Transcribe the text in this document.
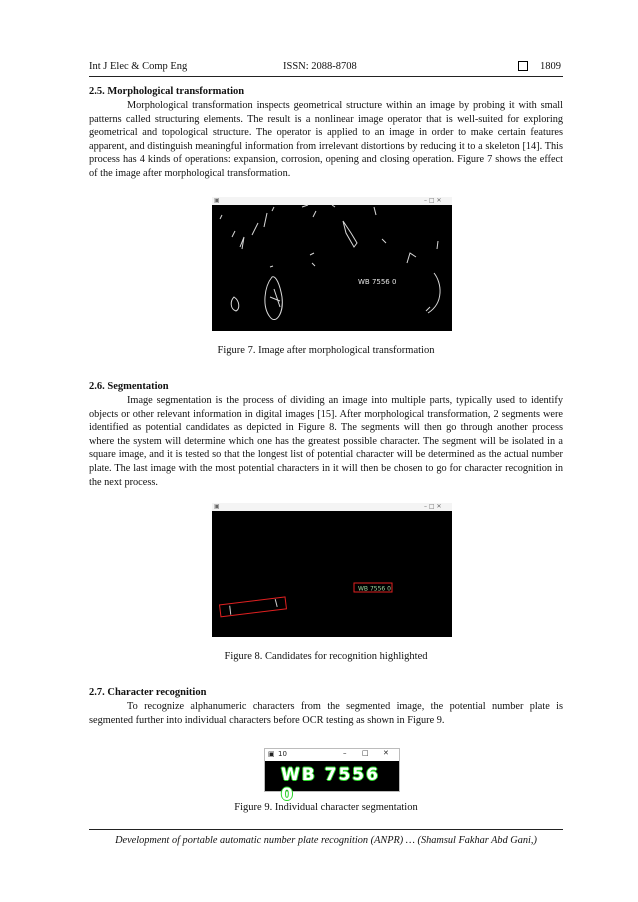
Int J Elec & Comp Eng	ISSN: 2088-8708	1809
2.5. Morphological transformation

Morphological transformation inspects geometrical structure within an image by probing it with small patterns called structuring elements. The result is a nonlinear image operator that is well-suited for exploring geometrical and topological structure. The operator is applied to an image in order to make certain features apparent, and distinguish meaningful information from irrelevant distortions by reducing it to a skeleton [14]. This process has 4 kinds of operations: expansion, corrosion, opening and closing operation. Figure 7 shows the effect of the image after morphological transformation.

▣	– □ ✕
WB 7556 0
Figure 7. Image after morphological transformation
2.6. Segmentation

Image segmentation is the process of dividing an image into multiple parts, typically used to identify objects or other relevant information in digital images [15]. After morphological transformation, 2 segments were identified as potential candidates as depicted in Figure 8. The segments will then go through another process where the system will determine which one has the greatest possible character. The segment will be isolated in a square image, and it is tested so that the longest list of potential character will be determined as the actual number plate. The last image with the most potential characters in it will then be chosen to go for character recognition in the next process.

▣	– □ ✕
WB 7556 0
Figure 8. Candidates for recognition highlighted
2.7. Character recognition

To recognize alphanumeric characters from the segmented image, the potential number plate is segmented further into individual characters before OCR testing as shown in Figure 9.

▣ 10	– □ ✕
WB 7556 0
Figure 9. Individual character segmentation
Development of portable automatic number plate recognition (ANPR) … (Shamsul Fakhar Abd Gani,)
